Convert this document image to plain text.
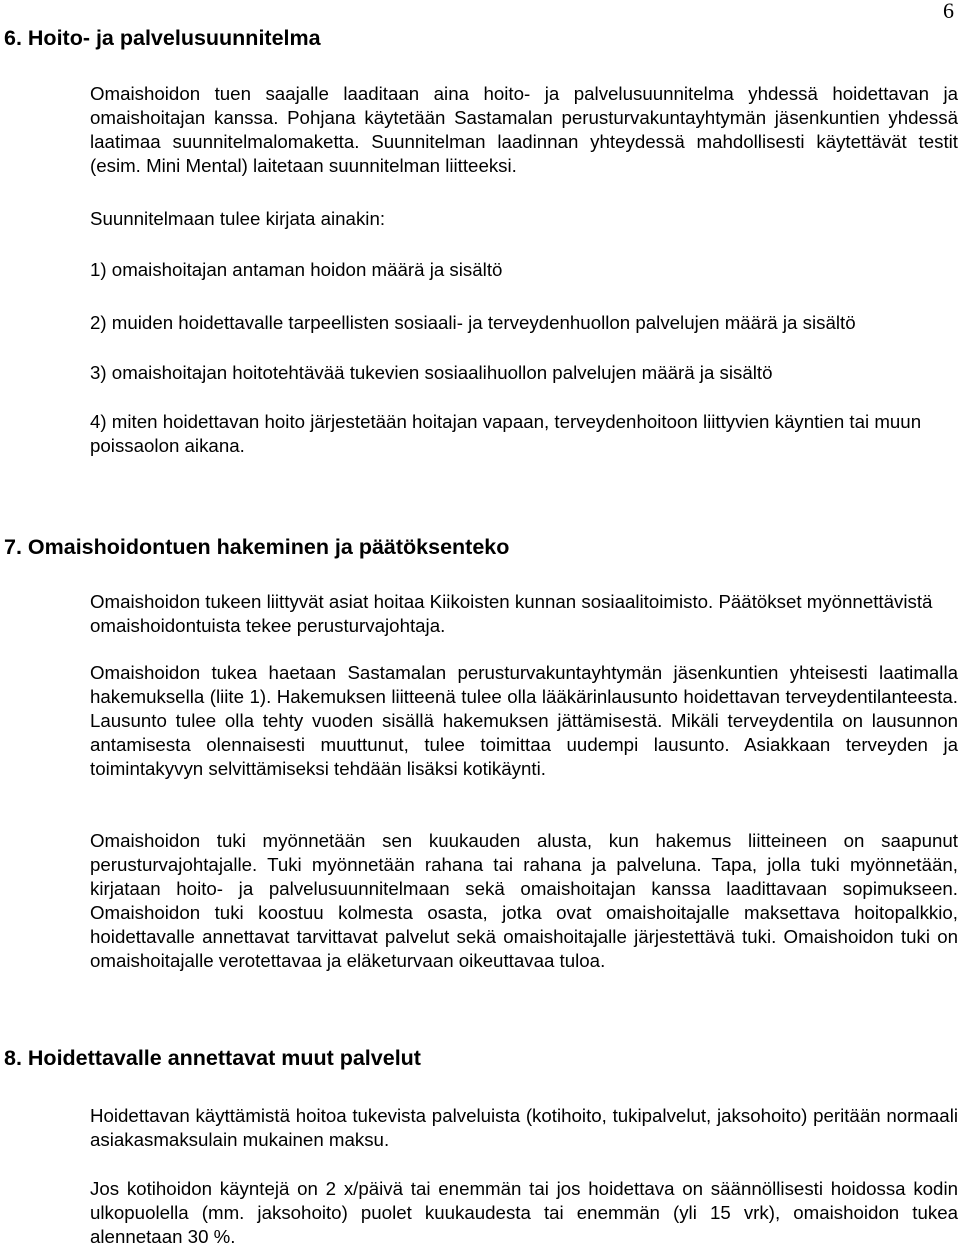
6
6. Hoito- ja palvelusuunnitelma
Omaishoidon tuen saajalle laaditaan aina hoito- ja palvelusuunnitelma yhdessä hoidettavan ja omaishoitajan kanssa. Pohjana käytetään Sastamalan perusturvakuntayhtymän jäsenkuntien yhdessä laatimaa suunnitelmalomaketta. Suunnitelman laadinnan yhteydessä mahdollisesti käytettävät testit (esim. Mini Mental) laitetaan suunnitelman liitteeksi.
Suunnitelmaan tulee kirjata ainakin:
1) omaishoitajan antaman hoidon määrä ja sisältö
2) muiden hoidettavalle tarpeellisten sosiaali- ja terveydenhuollon palvelujen määrä ja sisältö
3) omaishoitajan hoitotehtävää tukevien sosiaalihuollon palvelujen määrä ja sisältö
4) miten hoidettavan hoito järjestetään hoitajan vapaan, terveydenhoitoon liittyvien käyntien tai muun poissaolon aikana.
7. Omaishoidontuen hakeminen ja päätöksenteko
Omaishoidon tukeen liittyvät asiat hoitaa Kiikoisten kunnan sosiaalitoimisto. Päätökset myönnettävistä omaishoidontuista tekee perusturvajohtaja.
Omaishoidon tukea haetaan Sastamalan perusturvakuntayhtymän jäsenkuntien yhteisesti laatimalla hakemuksella (liite 1). Hakemuksen liitteenä tulee olla lääkärinlausunto hoidettavan terveydentilanteesta. Lausunto tulee olla tehty vuoden sisällä hakemuksen jättämisestä. Mikäli terveydentila on lausunnon antamisesta olennaisesti muuttunut, tulee toimittaa uudempi lausunto. Asiakkaan terveyden ja toimintakyvyn selvittämiseksi tehdään lisäksi kotikäynti.
Omaishoidon tuki myönnetään sen kuukauden alusta, kun hakemus liitteineen on saapunut perusturvajohtajalle. Tuki myönnetään rahana tai rahana ja palveluna. Tapa, jolla tuki myönnetään, kirjataan hoito- ja palvelusuunnitelmaan sekä omaishoitajan kanssa laadittavaan sopimukseen. Omaishoidon tuki koostuu kolmesta osasta, jotka ovat omaishoitajalle maksettava hoitopalkkio, hoidettavalle annettavat tarvittavat palvelut sekä omaishoitajalle järjestettävä tuki. Omaishoidon tuki on omaishoitajalle verotettavaa ja eläketurvaan oikeuttavaa tuloa.
8. Hoidettavalle annettavat muut palvelut
Hoidettavan käyttämistä hoitoa tukevista palveluista (kotihoito, tukipalvelut, jaksohoito) peritään normaali asiakasmaksulain mukainen maksu.
Jos kotihoidon käyntejä on 2 x/päivä tai enemmän tai jos hoidettava on säännöllisesti hoidossa kodin ulkopuolella (mm. jaksohoito) puolet kuukaudesta tai enemmän (yli 15 vrk), omaishoidon tukea alennetaan 30 %.
